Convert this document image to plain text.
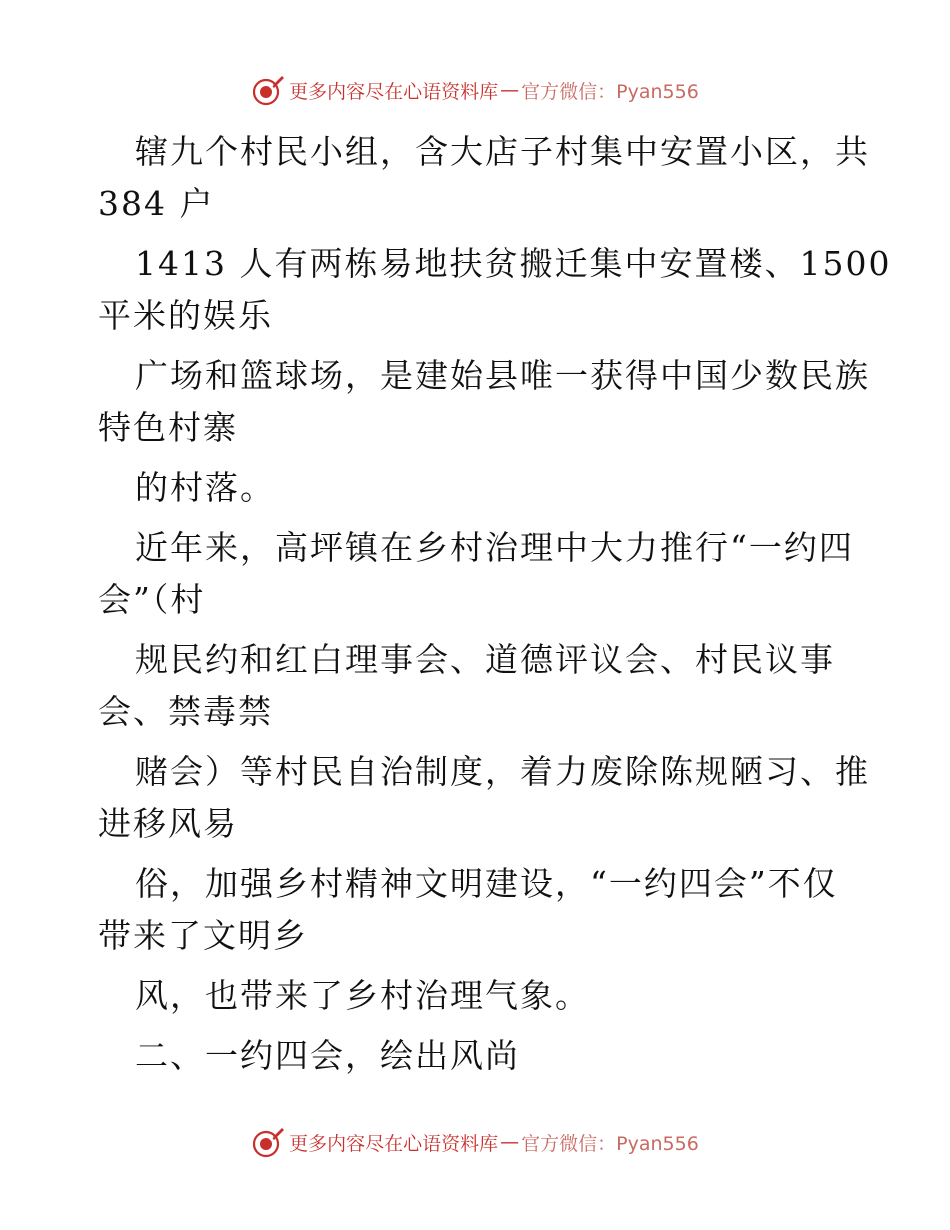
更多内容尽在心语资料库 — 官方微信：Pyan556
辖九个村民小组，含大店子村集中安置小区，共
384 户
1413 人有两栋易地扶贫搬迁集中安置楼、1500
平米的娱乐
广场和篮球场，是建始县唯一获得中国少数民族
特色村寨
的村落。
近年来，高坪镇在乡村治理中大力推行“一约四
会”（村
规民约和红白理事会、道德评议会、村民议事
会、禁毒禁
赌会）等村民自治制度，着力废除陈规陋习、推
进移风易
俗，加强乡村精神文明建设，“一约四会”不仅
带来了文明乡
风，也带来了乡村治理气象。
二、一约四会，绘出风尚
更多内容尽在心语资料库 — 官方微信：Pyan556
